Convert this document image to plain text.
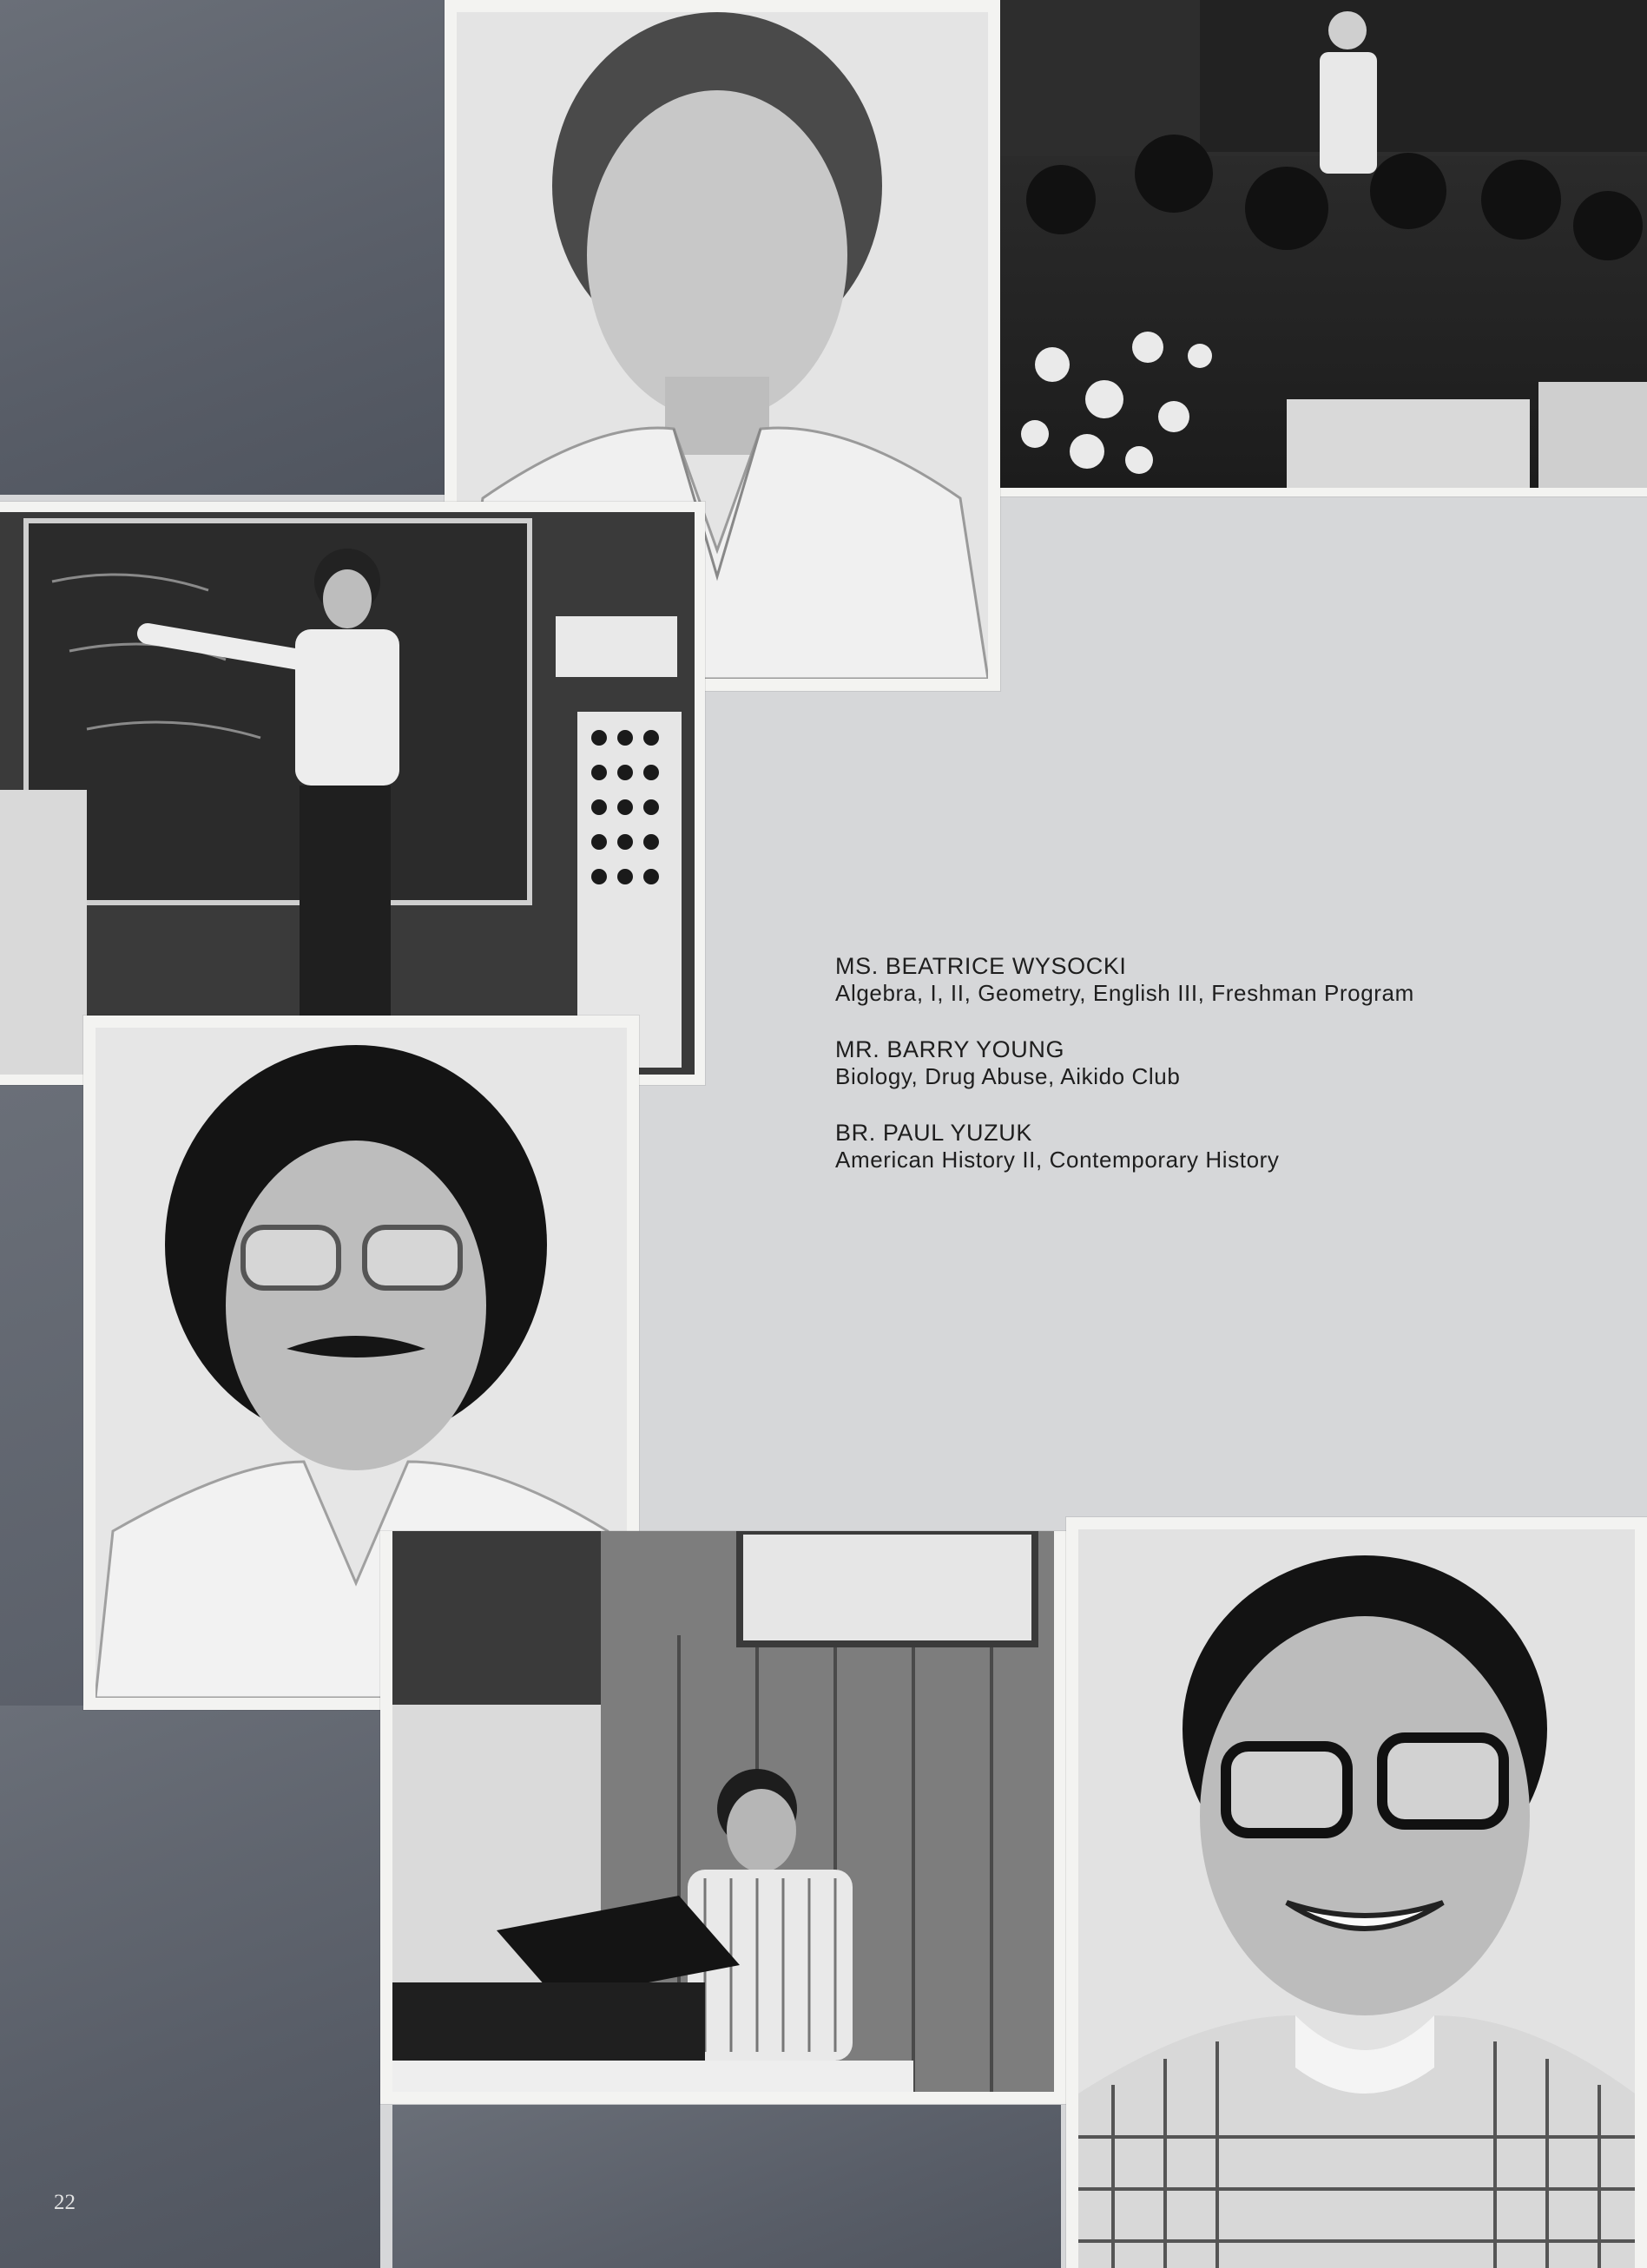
MS. BEATRICE WYSOCKI
Algebra, I, II, Geometry, English III, Freshman Program
MR. BARRY YOUNG
Biology, Drug Abuse, Aikido Club
BR. PAUL YUZUK
American History II, Contemporary History
22
